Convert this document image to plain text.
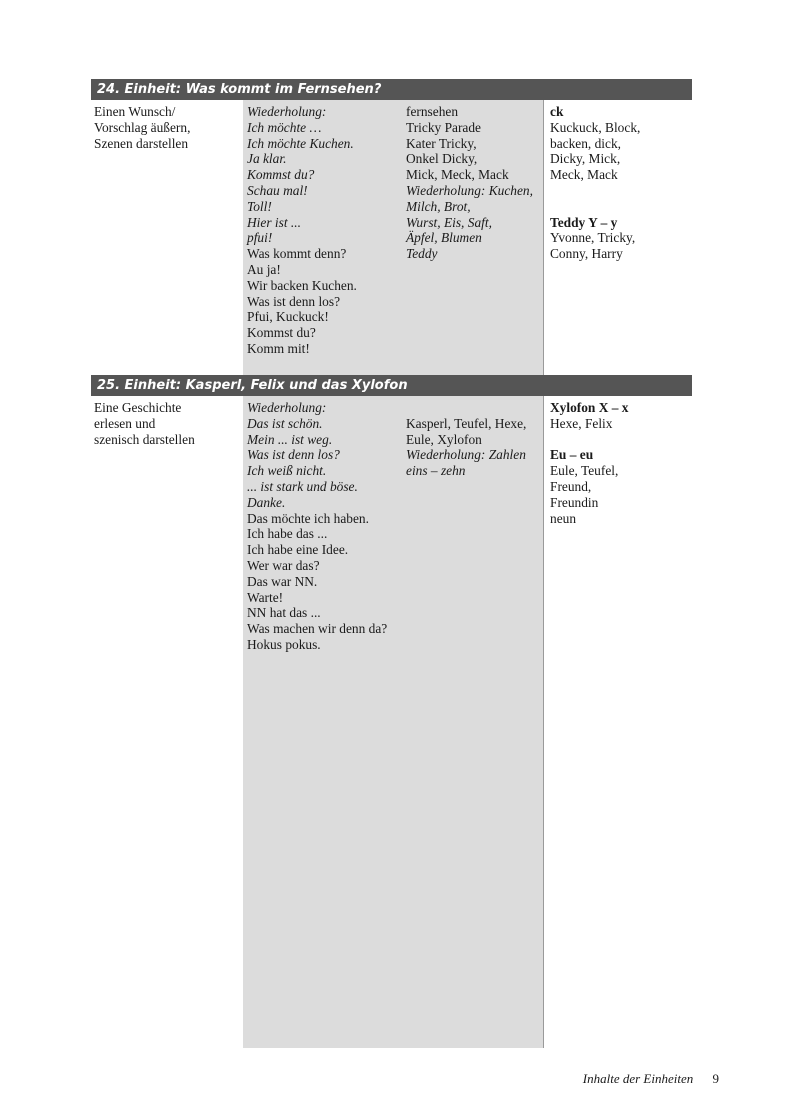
24. Einheit: Was kommt im Fernsehen?
Einen Wunsch/
Vorschlag äußern,
Szenen darstellen
Wiederholung:
Ich möchte …
Ich möchte Kuchen.
Ja klar.
Kommst du?
Schau mal!
Toll!
Hier ist ...
pfui!
Was kommt denn?
Au ja!
Wir backen Kuchen.
Was ist denn los?
Pfui, Kuckuck!
Kommst du?
Komm mit!
fernsehen
Tricky Parade
Kater Tricky,
Onkel Dicky,
Mick, Meck, Mack
Wiederholung: Kuchen,
Milch, Brot,
Wurst, Eis, Saft,
Äpfel, Blumen
Teddy
ck
Kuckuck, Block,
backen, dick,
Dicky, Mick,
Meck, Mack
Teddy Y – y
Yvonne, Tricky,
Conny, Harry
25. Einheit: Kasperl, Felix und das Xylofon
Eine Geschichte
erlesen und
szenisch darstellen
Wiederholung:
Das ist schön.
Mein ... ist weg.
Was ist denn los?
Ich weiß nicht.
... ist stark und böse.
Danke.
Das möchte ich haben.
Ich habe das ...
Ich habe eine Idee.
Wer war das?
Das war NN.
Warte!
NN hat das ...
Was machen wir denn da?
Hokus pokus.
Kasperl, Teufel, Hexe,
Eule, Xylofon
Wiederholung: Zahlen
eins – zehn
Xylofon X – x
Hexe, Felix
Eu – eu
Eule, Teufel,
Freund,
Freundin
neun
Inhalte der Einheiten 9
